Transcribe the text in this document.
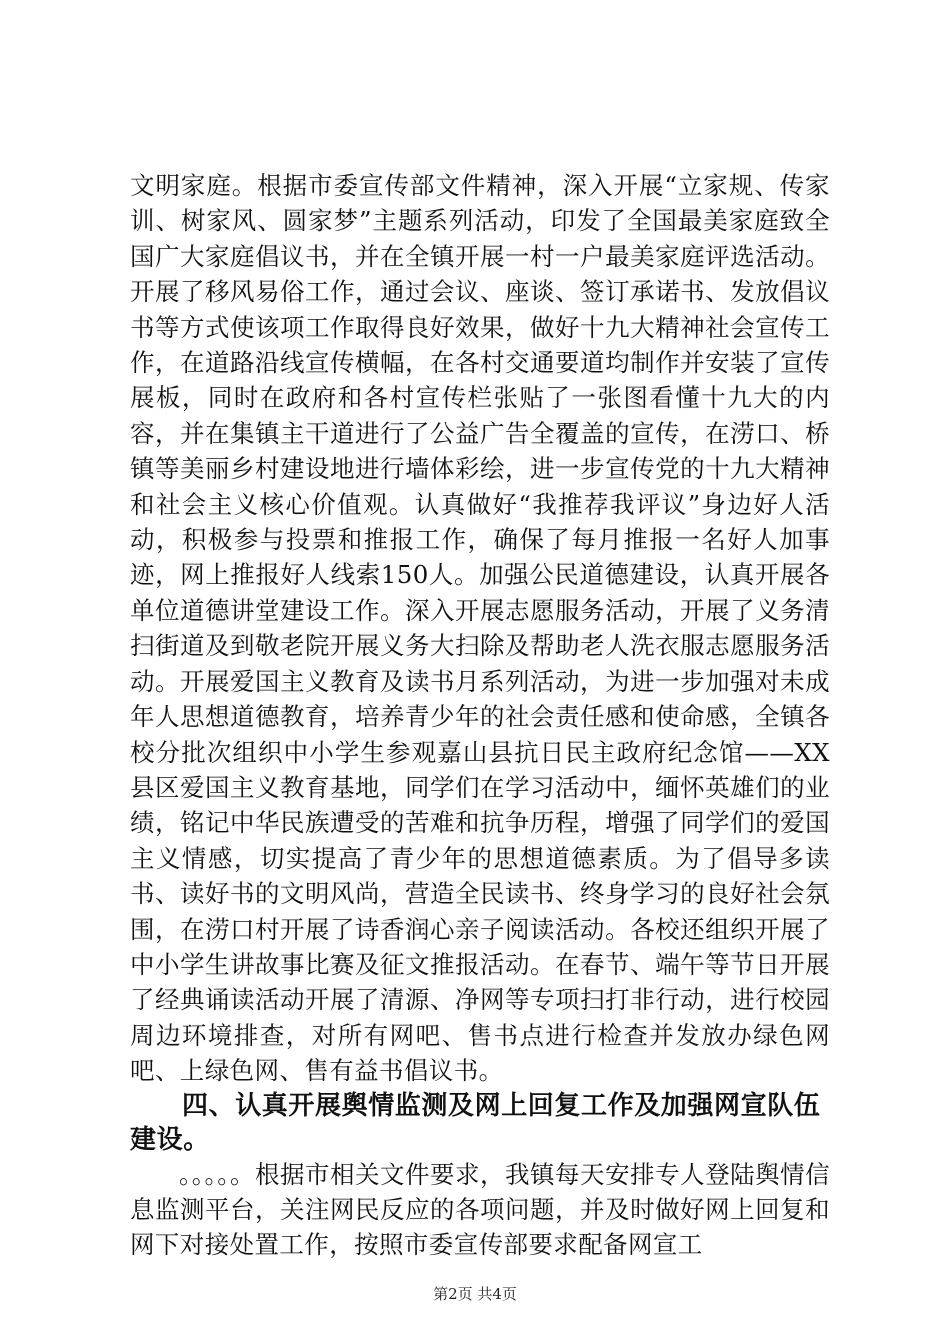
文明家庭。根据市委宣传部文件精神，深入开展“立家规、传家训、树家风、圆家梦”主题系列活动，印发了全国最美家庭致全国广大家庭倡议书，并在全镇开展一村一户最美家庭评选活动。开展了移风易俗工作，通过会议、座谈、签订承诺书、发放倡议书等方式使该项工作取得良好效果，做好十九大精神社会宣传工作，在道路沿线宣传横幅，在各村交通要道均制作并安装了宣传展板，同时在政府和各村宣传栏张贴了一张图看懂十九大的内容，并在集镇主干道进行了公益广告全覆盖的宣传，在涝口、桥镇等美丽乡村建设地进行墙体彩绘，进一步宣传党的十九大精神和社会主义核心价值观。认真做好“我推荐我评议”身边好人活动，积极参与投票和推报工作，确保了每月推报一名好人加事迹，网上推报好人线索150人。加强公民道德建设，认真开展各单位道德讲堂建设工作。深入开展志愿服务活动，开展了义务清扫街道及到敬老院开展义务大扫除及帮助老人洗衣服志愿服务活动。开展爱国主义教育及读书月系列活动，为进一步加强对未成年人思想道德教育，培养青少年的社会责任感和使命感，全镇各校分批次组织中小学生参观嘉山县抗日民主政府纪念馆——XX县区爱国主义教育基地，同学们在学习活动中，缅怀英雄们的业绩，铭记中华民族遭受的苦难和抗争历程，增强了同学们的爱国主义情感，切实提高了青少年的思想道德素质。为了倡导多读书、读好书的文明风尚，营造全民读书、终身学习的良好社会氛围，在涝口村开展了诗香润心亲子阅读活动。各校还组织开展了中小学生讲故事比赛及征文推报活动。在春节、端午等节日开展了经典诵读活动开展了清源、净网等专项扫打非行动，进行校园周边环境排查，对所有网吧、售书点进行检查并发放办绿色网吧、上绿色网、售有益书倡议书。

四、认真开展舆情监测及网上回复工作及加强网宣队伍建设。

。。。。。根据市相关文件要求，我镇每天安排专人登陆舆情信息监测平台，关注网民反应的各项问题，并及时做好网上回复和网下对接处置工作，按照市委宣传部要求配备网宣工

第2页 共4页
